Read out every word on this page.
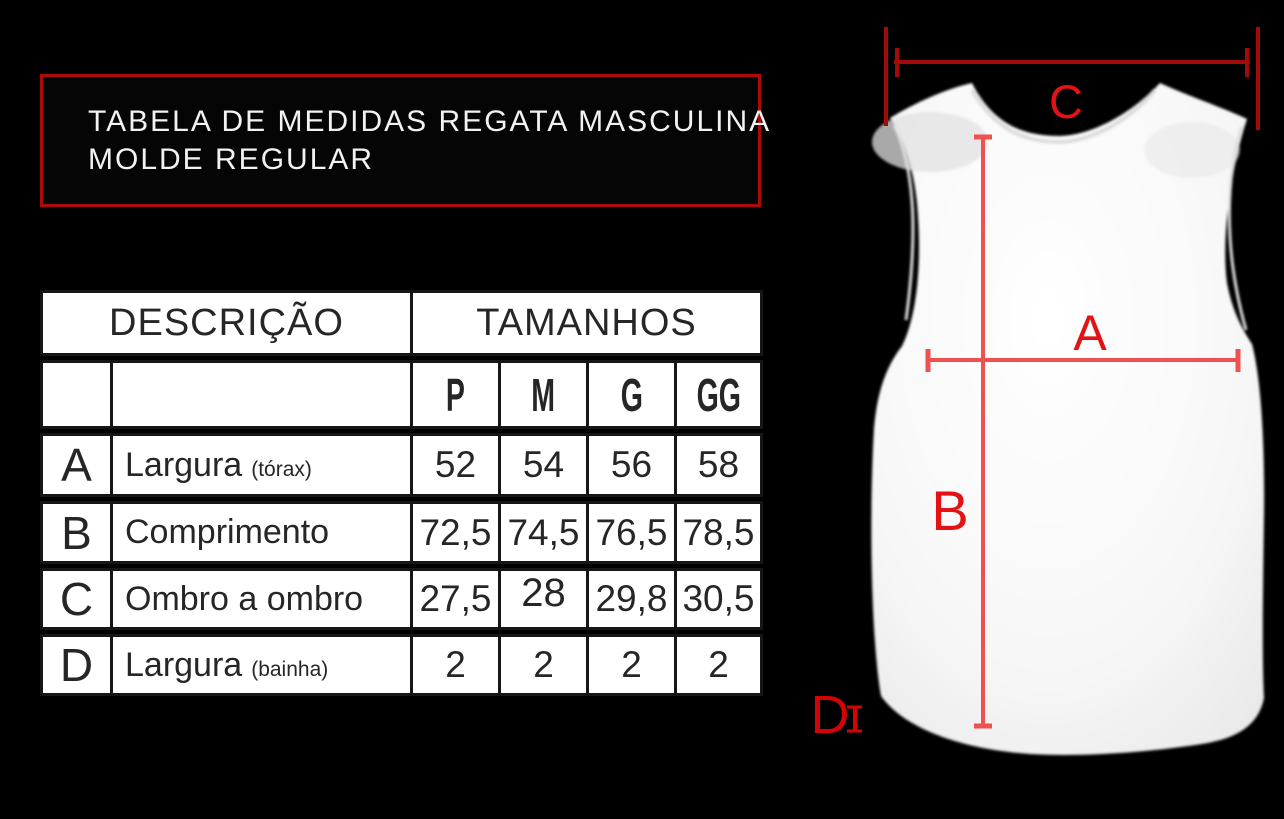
TABELA DE MEDIDAS REGATA MASCULINA
MOLDE REGULAR
DESCRIÇÃO	TAMANHOS
P M G GG
A Largura (tórax)	52 54 56 58
B Comprimento 72,5 74,5 76,5 78,5
C Ombro a ombro 27,5 28 29,8 30,5
D Largura (bainha)	2 2 2 2
C
A
B
D
